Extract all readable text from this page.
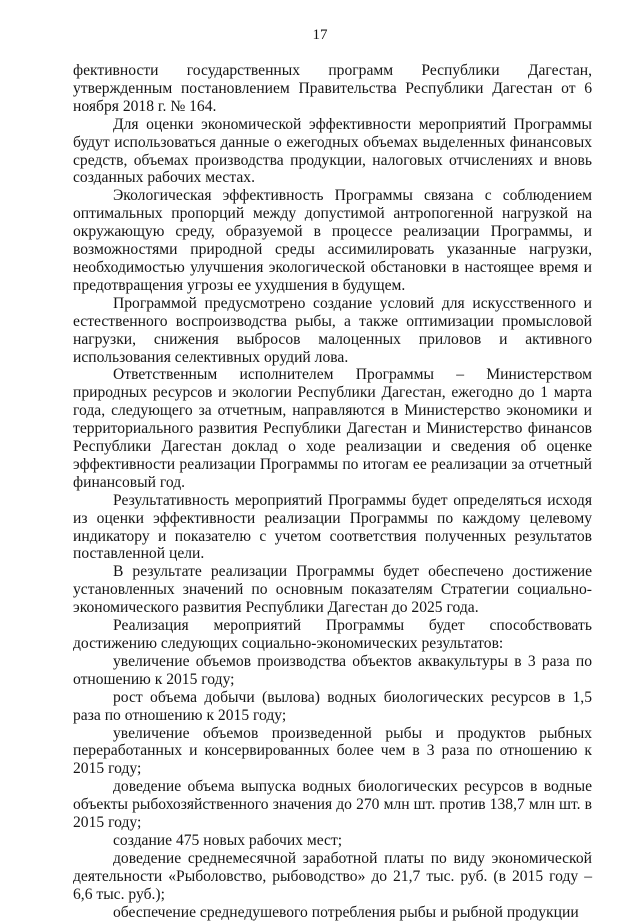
17

фективности государственных программ Республики Дагестан, утвержденным постановлением Правительства Республики Дагестан от 6 ноября 2018 г. № 164.

Для оценки экономической эффективности мероприятий Программы будут использоваться данные о ежегодных объемах выделенных финансовых средств, объемах производства продукции, налоговых отчислениях и вновь созданных рабочих местах.

Экологическая эффективность Программы связана с соблюдением оптимальных пропорций между допустимой антропогенной нагрузкой на окружающую среду, образуемой в процессе реализации Программы, и возможностями природной среды ассимилировать указанные нагрузки, необходимостью улучшения экологической обстановки в настоящее время и предотвращения угрозы ее ухудшения в будущем.

Программой предусмотрено создание условий для искусственного и естественного воспроизводства рыбы, а также оптимизации промысловой нагрузки, снижения выбросов малоценных приловов и активного использования селективных орудий лова.

Ответственным исполнителем Программы – Министерством природных ресурсов и экологии Республики Дагестан, ежегодно до 1 марта года, следующего за отчетным, направляются в Министерство экономики и территориального развития Республики Дагестан и Министерство финансов Республики Дагестан доклад о ходе реализации и сведения об оценке эффективности реализации Программы по итогам ее реализации за отчетный финансовый год.

Результативность мероприятий Программы будет определяться исходя из оценки эффективности реализации Программы по каждому целевому индикатору и показателю с учетом соответствия полученных результатов поставленной цели.

В результате реализации Программы будет обеспечено достижение установленных значений по основным показателям Стратегии социально-экономического развития Республики Дагестан до 2025 года.

Реализация мероприятий Программы будет способствовать достижению следующих социально-экономических результатов:

увеличение объемов производства объектов аквакультуры в 3 раза по отношению к 2015 году;

рост объема добычи (вылова) водных биологических ресурсов в 1,5 раза по отношению к 2015 году;

увеличение объемов произведенной рыбы и продуктов рыбных переработанных и консервированных более чем в 3 раза по отношению к 2015 году;

доведение объема выпуска водных биологических ресурсов в водные объекты рыбохозяйственного значения до 270 млн шт. против 138,7 млн шт. в 2015 году;

создание 475 новых рабочих мест;

доведение среднемесячной заработной платы по виду экономической деятельности «Рыболовство, рыбоводство» до 21,7 тыс. руб. (в 2015 году – 6,6 тыс. руб.);

обеспечение среднедушевого потребления рыбы и рыбной продукции
